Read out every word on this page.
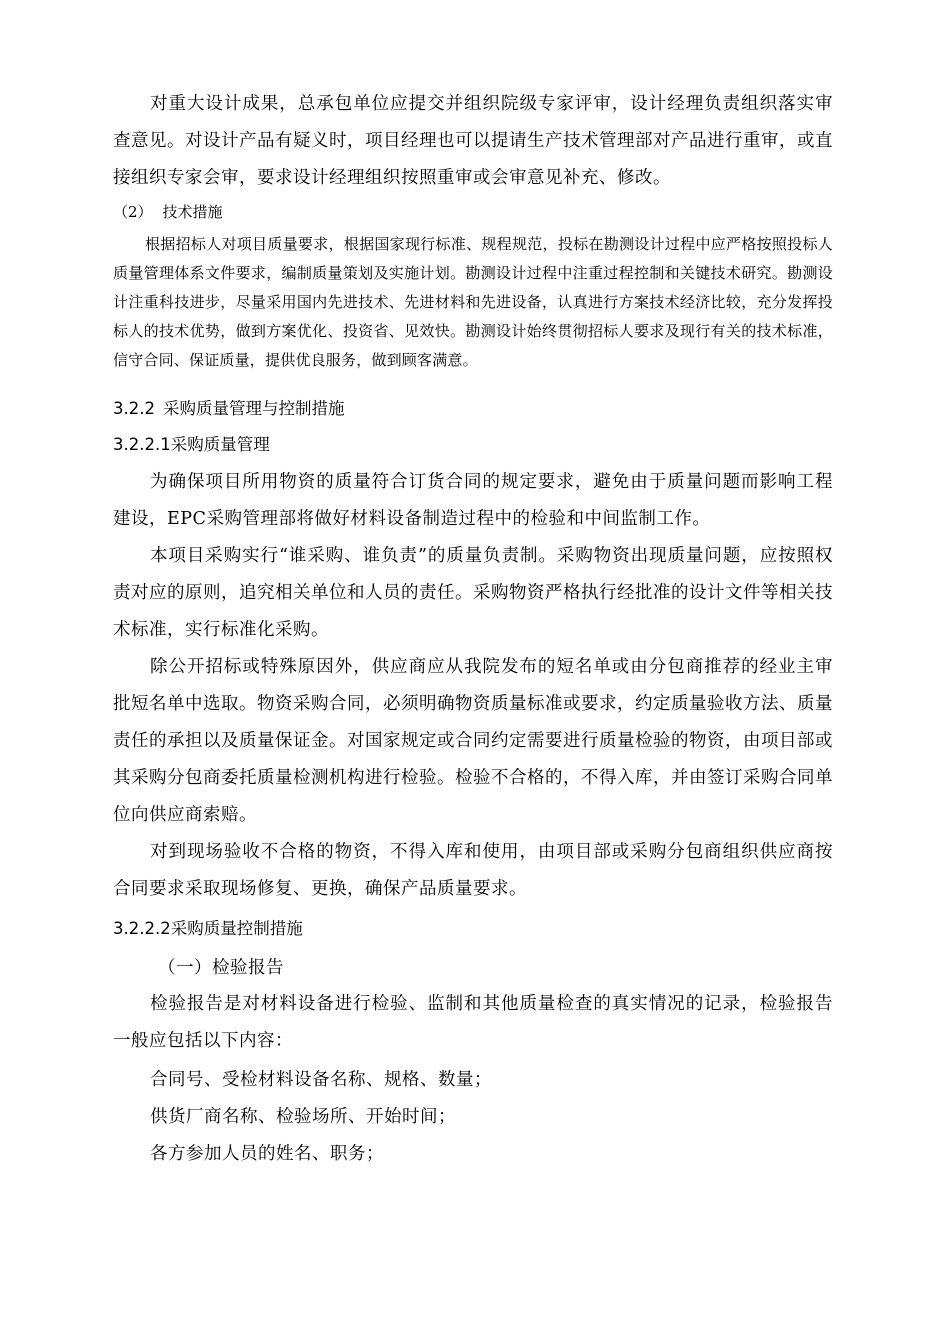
对重大设计成果，总承包单位应提交并组织院级专家评审，设计经理负责组织落实审查意见。对设计产品有疑义时，项目经理也可以提请生产技术管理部对产品进行重审，或直接组织专家会审，要求设计经理组织按照重审或会审意见补充、修改。

（2） 技术措施

根据招标人对项目质量要求，根据国家现行标准、规程规范，投标在勘测设计过程中应严格按照投标人质量管理体系文件要求，编制质量策划及实施计划。勘测设计过程中注重过程控制和关键技术研究。勘测设计注重科技进步，尽量采用国内先进技术、先进材料和先进设备，认真进行方案技术经济比较，充分发挥投标人的技术优势，做到方案优化、投资省、见效快。勘测设计始终贯彻招标人要求及现行有关的技术标准，信守合同、保证质量，提供优良服务，做到顾客满意。

3.2.2 采购质量管理与控制措施
3.2.2.1采购质量管理

为确保项目所用物资的质量符合订货合同的规定要求，避免由于质量问题而影响工程建设，EPC采购管理部将做好材料设备制造过程中的检验和中间监制工作。

本项目采购实行“谁采购、谁负责”的质量负责制。采购物资出现质量问题，应按照权责对应的原则，追究相关单位和人员的责任。采购物资严格执行经批准的设计文件等相关技术标准，实行标准化采购。

除公开招标或特殊原因外，供应商应从我院发布的短名单或由分包商推荐的经业主审批短名单中选取。物资采购合同，必须明确物资质量标准或要求，约定质量验收方法、质量责任的承担以及质量保证金。对国家规定或合同约定需要进行质量检验的物资，由项目部或其采购分包商委托质量检测机构进行检验。检验不合格的，不得入库，并由签订采购合同单位向供应商索赔。

对到现场验收不合格的物资，不得入库和使用，由项目部或采购分包商组织供应商按合同要求采取现场修复、更换，确保产品质量要求。

3.2.2.2采购质量控制措施
（一）检验报告

检验报告是对材料设备进行检验、监制和其他质量检查的真实情况的记录，检验报告一般应包括以下内容：

合同号、受检材料设备名称、规格、数量；
供货厂商名称、检验场所、开始时间；
各方参加人员的姓名、职务；
